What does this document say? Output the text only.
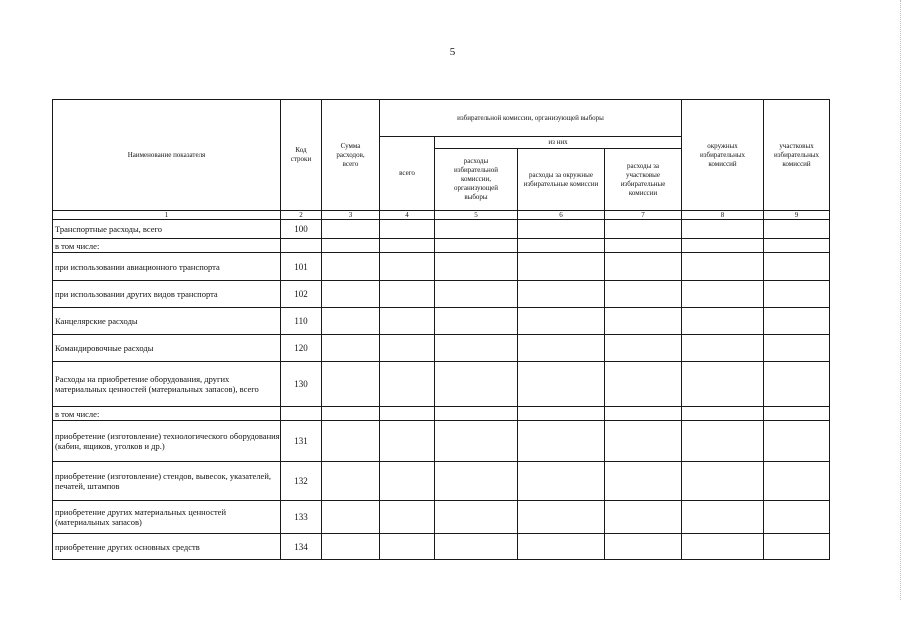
5
Наименование показателя	Код строки	Сумма расходов, всего	избирательной комиссии, организующей выборы				окружных избирательных комиссий	участковых избирательных комиссий
			всего	из них				
				расходы избирательной комиссии, организующей выборы	расходы за окружные избирательные комиссии	расходы за участковые избирательные комиссии		
1	2	3	4	5	6	7	8	9
Транспортные расходы, всего	100							
в том числе:								
при использовании авиационного транспорта	101							
при использовании других видов транспорта	102							
Канцелярские расходы	110							
Командировочные расходы	120							
Расходы на приобретение оборудования, других материальных ценностей (материальных запасов), всего	130							
в том числе:								
приобретение (изготовление) технологического оборудования (кабин, ящиков, уголков и др.)	131							
приобретение (изготовление) стендов, вывесок, указателей, печатей, штампов	132							
приобретение других материальных ценностей (материальных запасов)	133							
приобретение других основных средств	134							
